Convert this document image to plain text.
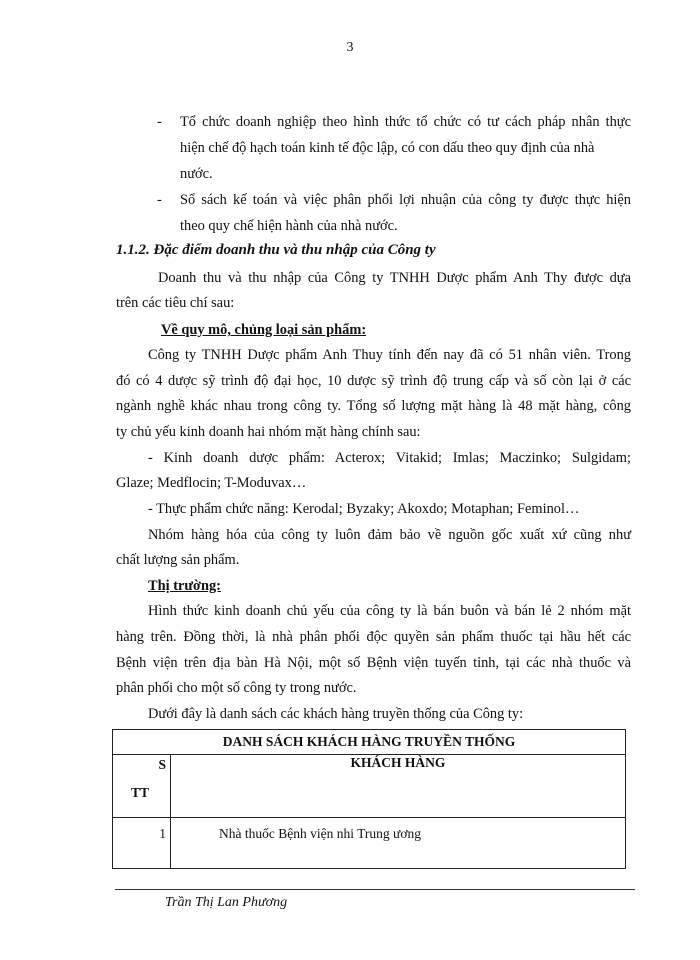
3
- Tổ chức doanh nghiệp theo hình thức tổ chức có tư cách pháp nhân thực
hiện chế độ hạch toán kinh tế độc lập, có con dấu theo quy định của nhà
nước.
- Sổ sách kế toán và việc phân phối lợi nhuận của công ty được thực hiện
theo quy chế hiện hành của nhà nước.
1.1.2. Đặc điểm doanh thu và thu nhập của Công ty
Doanh thu và thu nhập của Công ty TNHH Dược phẩm Anh Thy được dựa
trên các tiêu chí sau:
Về quy mô, chủng loại sản phẩm:
Công ty TNHH Dược phẩm Anh Thuy tính đến nay đã có 51 nhân viên. Trong
đó có 4 dược sỹ trình độ đại học, 10 dược sỹ trình độ trung cấp và số còn lại ở các
ngành nghề khác nhau trong công ty. Tổng số lượng mặt hàng là 48 mặt hàng, công
ty chủ yếu kinh doanh hai nhóm mặt hàng chính sau:
- Kinh doanh dược phẩm: Acterox; Vitakid; Imlas; Maczinko; Sulgidam;
Glaze; Medflocin; T-Moduvax…
- Thực phẩm chức năng: Kerodal; Byzaky; Akoxdo; Motaphan; Feminol…
Nhóm hàng hóa của công ty luôn đảm bảo về nguồn gốc xuất xứ cũng như
chất lượng sản phẩm.
Thị trường:
Hình thức kinh doanh chủ yếu của công ty là bán buôn và bán lẻ 2 nhóm mặt
hàng trên. Đồng thời, là nhà phân phối độc quyền sản phẩm thuốc tại hầu hết các
Bệnh viện trên địa bàn Hà Nội, một số Bệnh viện tuyến tỉnh, tại các nhà thuốc và
phân phối cho một số công ty trong nước.
Dưới đây là danh sách các khách hàng truyền thống của Công ty:
DANH SÁCH KHÁCH HÀNG TRUYỀN THỐNG	

S
TT	KHÁCH HÀNG
1	Nhà thuốc Bệnh viện nhi Trung ương
Trần Thị Lan Phương
